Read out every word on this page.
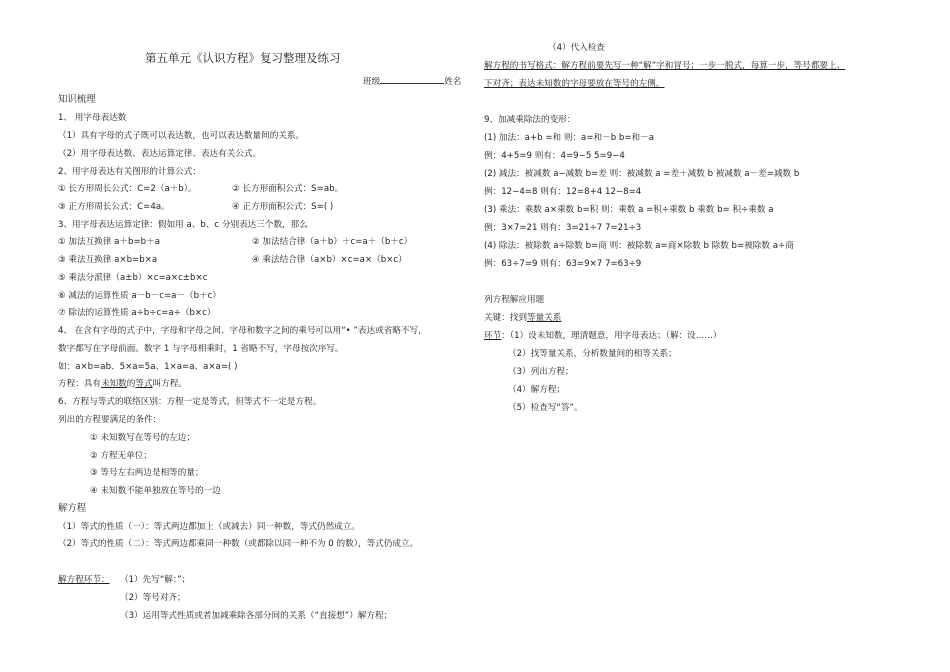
第五单元《认识方程》复习整理及练习
班级	姓名
知识梳理
1、 用字母表达数
（1）具有字母的式子既可以表达数，也可以表达数量间的关系。
（2）用字母表达数、表达运算定律、表达有关公式。
2、用字母表达有关图形的计算公式：
① 长方形周长公式：C=2（a＋b）。	② 长方形面积公式：S=ab。
③ 正方形周长公式：C=4a。	④ 正方形面积公式：S=( )
3、用字母表达运算定律：假如用 a、b、c 分别表达三个数，那么
① 加法互换律 a＋b=b＋a	② 加法结合律（a＋b）＋c=a＋（b＋c）
③ 乘法互换律 a×b=b×a	④ 乘法结合律（a×b）×c=a×（b×c）
⑤ 乘法分派律（a±b）×c=a×c±b×c
⑥ 减法的运算性质 a－b－c=a－（b＋c）
⑦ 除法的运算性质 a÷b÷c=a÷（b×c）
4、 在含有字母的式子中，字母和字母之间、字母和数字之间的乘号可以用“• ”表达或省略不写，
数字都写在字母前面。数字 1 与字母相乘时，1 省略不写，字母按次序写。
如：a×b=ab、5×a=5a、1×a=a、a×a=( )
方程：具有未知数的等式叫方程。
6、方程与等式的联络区别：方程一定是等式，但等式不一定是方程。
列出的方程要满足的条件：
① 未知数写在等号的左边；
② 方程无单位；
③ 等号左右两边是相等的量；
④ 未知数不能单独放在等号的一边
解方程
（1）等式的性质（一）：等式两边都加上（或减去）同一种数，等式仍然成立。
（2）等式的性质（二）：等式两边都乘同一种数（或都除以同一种不为 0 的数），等式仍成立。
解方程环节： （1）先写“解：”；
（2）等号对齐；
（3）运用等式性质或者加减乘除各部分间的关系（“直接想”）解方程；
（4）代入检查
解方程的书写格式：解方程前要先写一种“解”字和冒号；一步一脱式，每算一步，等号都要上、
下对齐；表达未知数的字母要放在等号的左侧。
9、加减乘除法的变形：
(1) 加法：a+b =和 则：a=和－b b=和－a
例：4+5=9 则有：4=9−5 5=9−4
(2) 减法：被减数 a−减数 b=差 则：被减数 a =差＋减数 b 被减数 a－差=减数 b
例：12−4=8 则有：12=8+4 12−8=4
(3) 乘法：乘数 a×乘数 b=积 则：乘数 a =积÷乘数 b 乘数 b= 积÷乘数 a
例：3×7=21 则有：3=21÷7 7=21÷3
(4) 除法：被除数 a÷除数 b=商 则：被除数 a=商×除数 b 除数 b=被除数 a÷商
例：63÷7=9 则有：63=9×7 7=63÷9
列方程解应用题
关键：找到等量关系
环节：（1）设未知数，理清题意，用字母表达；（解：设……）
（2）找等量关系，分析数量间的相等关系；
（3）列出方程；
（4）解方程；
（5）检查写“答”。
